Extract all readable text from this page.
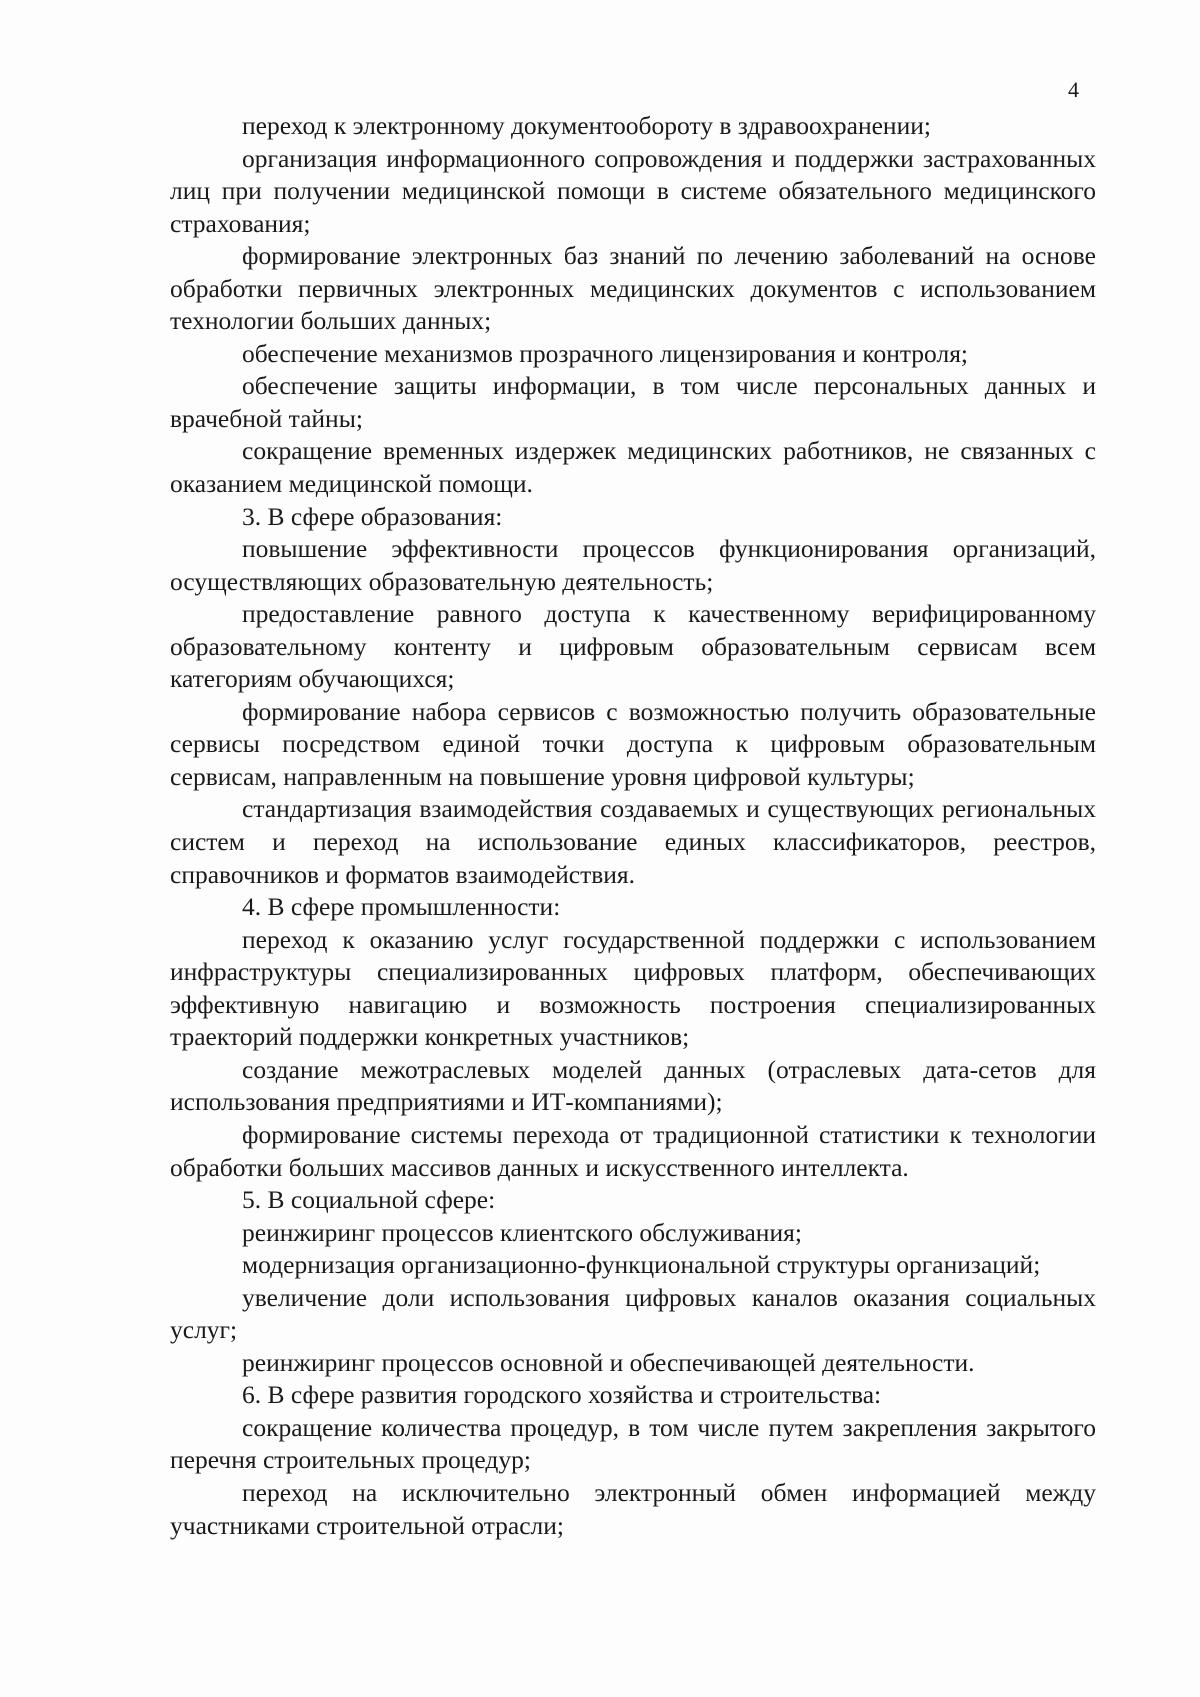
4

переход к электронному документообороту в здравоохранении;

организация информационного сопровождения и поддержки застрахованных лиц при получении медицинской помощи в системе обязательного медицинского страхования;

формирование электронных баз знаний по лечению заболеваний на основе обработки первичных электронных медицинских документов с использованием технологии больших данных;

обеспечение механизмов прозрачного лицензирования и контроля;

обеспечение защиты информации, в том числе персональных данных и врачебной тайны;

сокращение временных издержек медицинских работников, не связанных с оказанием медицинской помощи.

3. В сфере образования:

повышение эффективности процессов функционирования организаций, осуществляющих образовательную деятельность;

предоставление равного доступа к качественному верифицированному образовательному контенту и цифровым образовательным сервисам всем категориям обучающихся;

формирование набора сервисов с возможностью получить образовательные сервисы посредством единой точки доступа к цифровым образовательным сервисам, направленным на повышение уровня цифровой культуры;

стандартизация взаимодействия создаваемых и существующих региональных систем и переход на использование единых классификаторов, реестров, справочников и форматов взаимодействия.

4. В сфере промышленности:

переход к оказанию услуг государственной поддержки с использованием инфраструктуры специализированных цифровых платформ, обеспечивающих эффективную навигацию и возможность построения специализированных траекторий поддержки конкретных участников;

создание межотраслевых моделей данных (отраслевых дата-сетов для использования предприятиями и ИТ-компаниями);

формирование системы перехода от традиционной статистики к технологии обработки больших массивов данных и искусственного интеллекта.

5. В социальной сфере:

реинжиринг процессов клиентского обслуживания;

модернизация организационно-функциональной структуры организаций;

увеличение доли использования цифровых каналов оказания социальных услуг;

реинжиринг процессов основной и обеспечивающей деятельности.

6. В сфере развития городского хозяйства и строительства:

сокращение количества процедур, в том числе путем закрепления закрытого перечня строительных процедур;

переход на исключительно электронный обмен информацией между участниками строительной отрасли;
